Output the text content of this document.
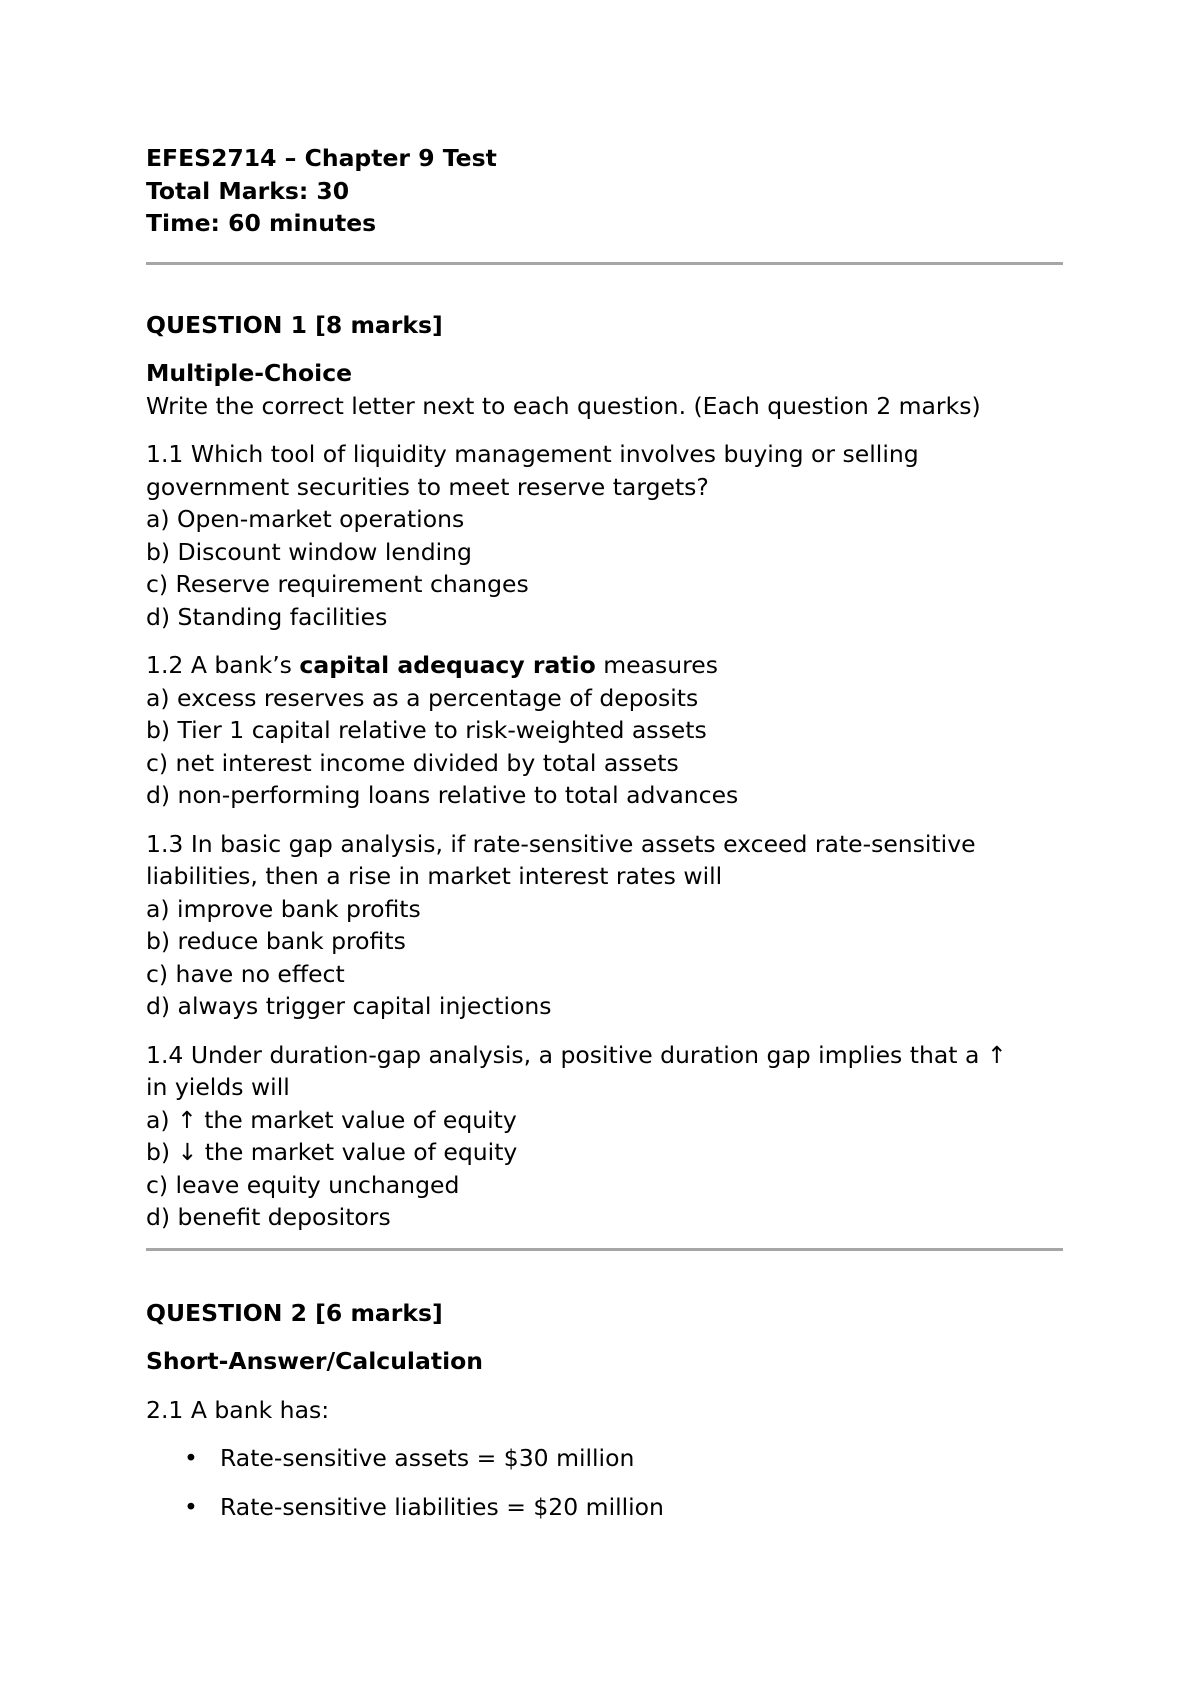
EFES2714 – Chapter 9 Test
Total Marks: 30
Time: 60 minutes
QUESTION 1 [8 marks]
Multiple-Choice
Write the correct letter next to each question. (Each question 2 marks)
1.1 Which tool of liquidity management involves buying or selling
government securities to meet reserve targets?
a) Open-market operations
b) Discount window lending
c) Reserve requirement changes
d) Standing facilities
1.2 A bank’s capital adequacy ratio measures
a) excess reserves as a percentage of deposits
b) Tier 1 capital relative to risk-weighted assets
c) net interest income divided by total assets
d) non-performing loans relative to total advances
1.3 In basic gap analysis, if rate-sensitive assets exceed rate-sensitive
liabilities, then a rise in market interest rates will
a) improve bank profits
b) reduce bank profits
c) have no effect
d) always trigger capital injections
1.4 Under duration-gap analysis, a positive duration gap implies that a ↑
in yields will
a) ↑ the market value of equity
b) ↓ the market value of equity
c) leave equity unchanged
d) benefit depositors
QUESTION 2 [6 marks]
Short-Answer/Calculation
2.1 A bank has:
• Rate-sensitive assets = $30 million
• Rate-sensitive liabilities = $20 million
